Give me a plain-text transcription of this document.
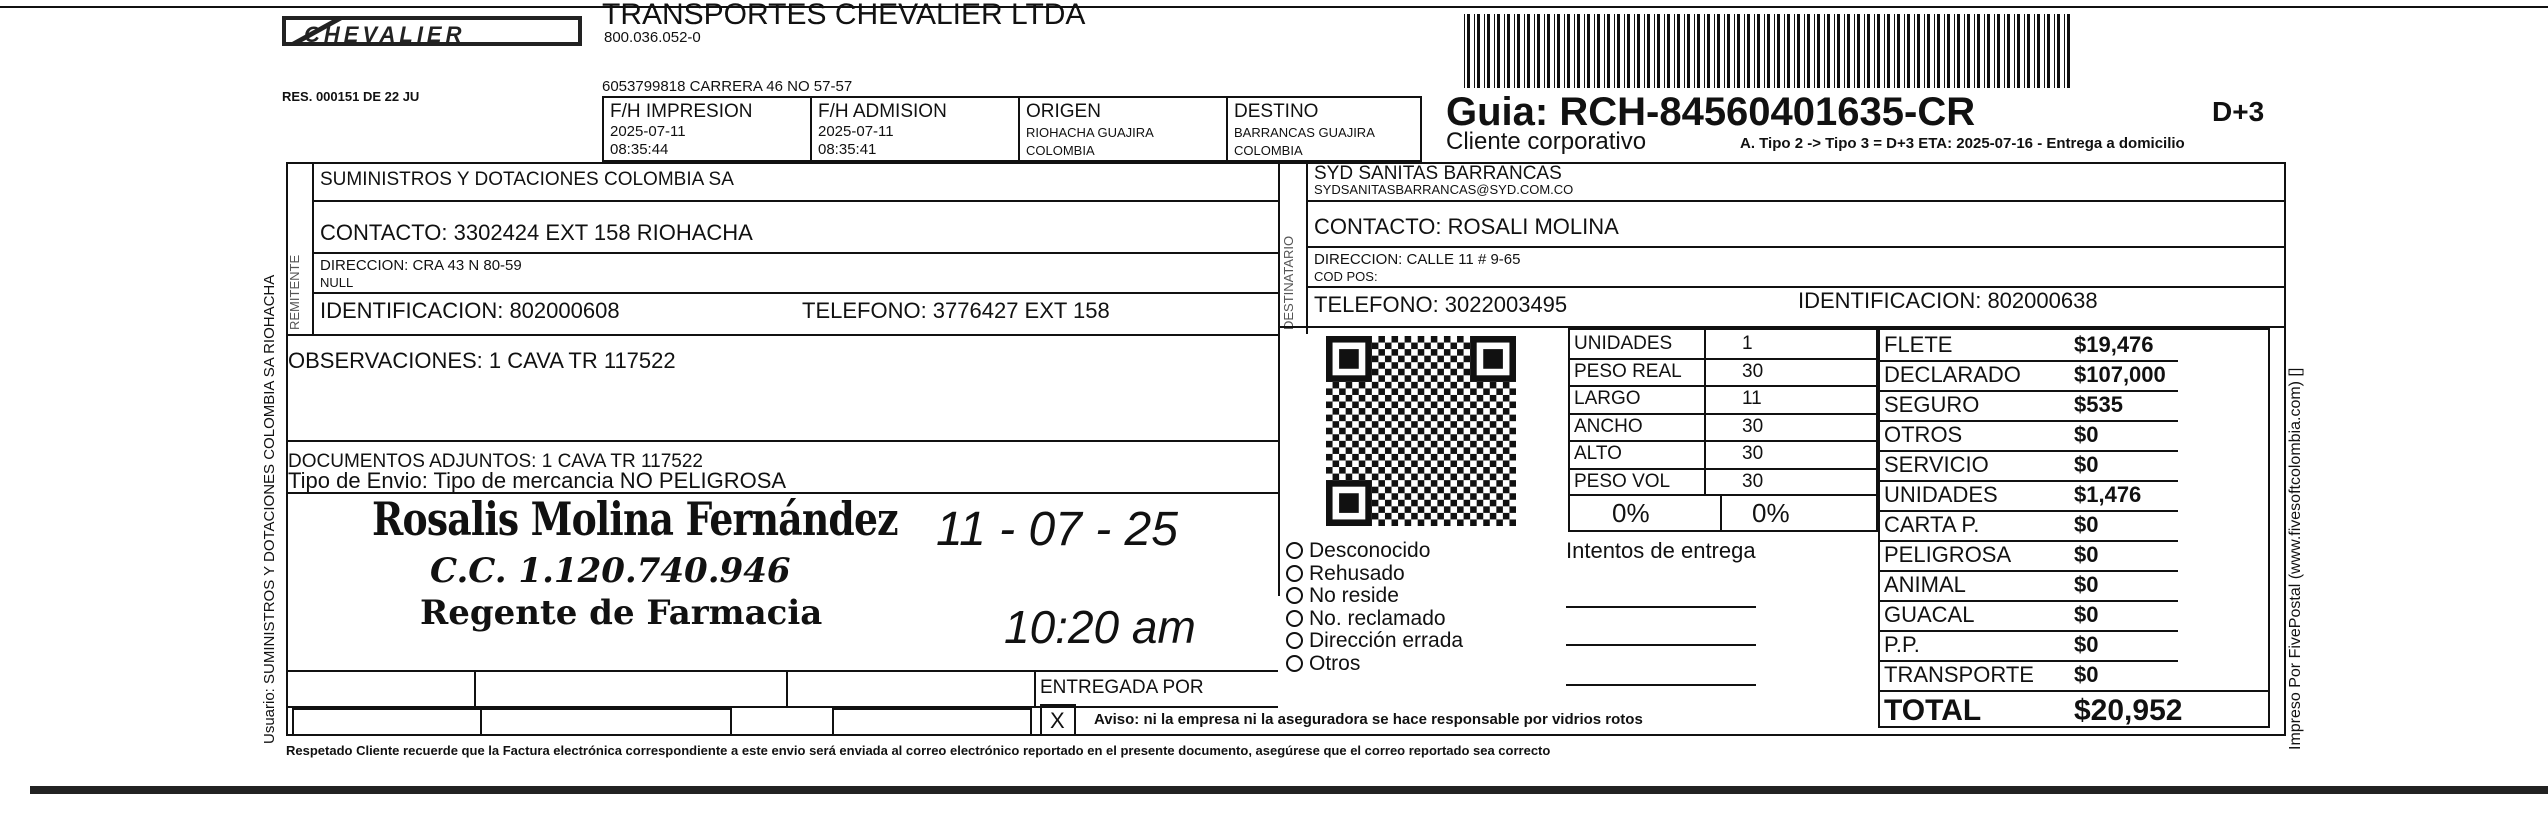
CHEVALIER
TRANSPORTES CHEVALIER LTDA
800.036.052-0
RES. 000151 DE 22 JU
6053799818 CARRERA 46 NO 57-57
F/H IMPRESION
2025-07-11
08:35:44
F/H ADMISION
2025-07-11
08:35:41
ORIGEN
RIOHACHA GUAJIRA
COLOMBIA
DESTINO
BARRANCAS GUAJIRA
COLOMBIA
Guia: RCH-84560401635-CR	D+3
Cliente corporativo	A. Tipo 2 -> Tipo 3 = D+3 ETA: 2025-07-16 - Entrega a domicilio
Usuario: SUMINISTROS Y DOTACIONES COLOMBIA SA RIOHACHA	Impreso Por FivePostal (www.fivesoftcolombia.com) []
REMITENTE
SUMINISTROS Y DOTACIONES COLOMBIA SA
CONTACTO: 3302424 EXT 158 RIOHACHA
DIRECCION: CRA 43 N 80-59
NULL
IDENTIFICACION: 802000608	TELEFONO: 3776427 EXT 158	DESTINATARIO
SYD SANITAS BARRANCAS
SYDSANITASBARRANCAS@SYD.COM.CO
CONTACTO: ROSALI MOLINA
DIRECCION: CALLE 11 # 9-65
COD POS:
TELEFONO: 3022003495	IDENTIFICACION: 802000638
OBSERVACIONES: 1 CAVA TR 117522
DOCUMENTOS ADJUNTOS: 1 CAVA TR 117522
Tipo de Envio: Tipo de mercancia NO PELIGROSA
Rosalis Molina Fernández
C.C. 1.120.740.946
Regente de Farmacia
11 - 07 - 25
10:20 am
ENTREGADA POR
X Aviso: ni la empresa ni la aseguradora se hace responsable por vidrios rotos
Respetado Cliente recuerde que la Factura electrónica correspondiente a este envio será enviada al correo electrónico reportado en el presente documento, asegúrese que el correo reportado sea correcto
Desconocido
Rehusado
No reside
No. reclamado
Dirección errada
Otros
Intentos de entrega
UNIDADES	1
PESO REAL	30
LARGO	11
ANCHO	30
ALTO	30
PESO VOL	30
0%	0%
FLETE	$19,476
DECLARADO $107,000
SEGURO	$535
OTROS	$0
SERVICIO	$0
UNIDADES	$1,476
CARTA P.	$0
PELIGROSA	$0
ANIMAL	$0
GUACAL	$0
P.P.	$0
TRANSPORTE $0
TOTAL	$20,952
